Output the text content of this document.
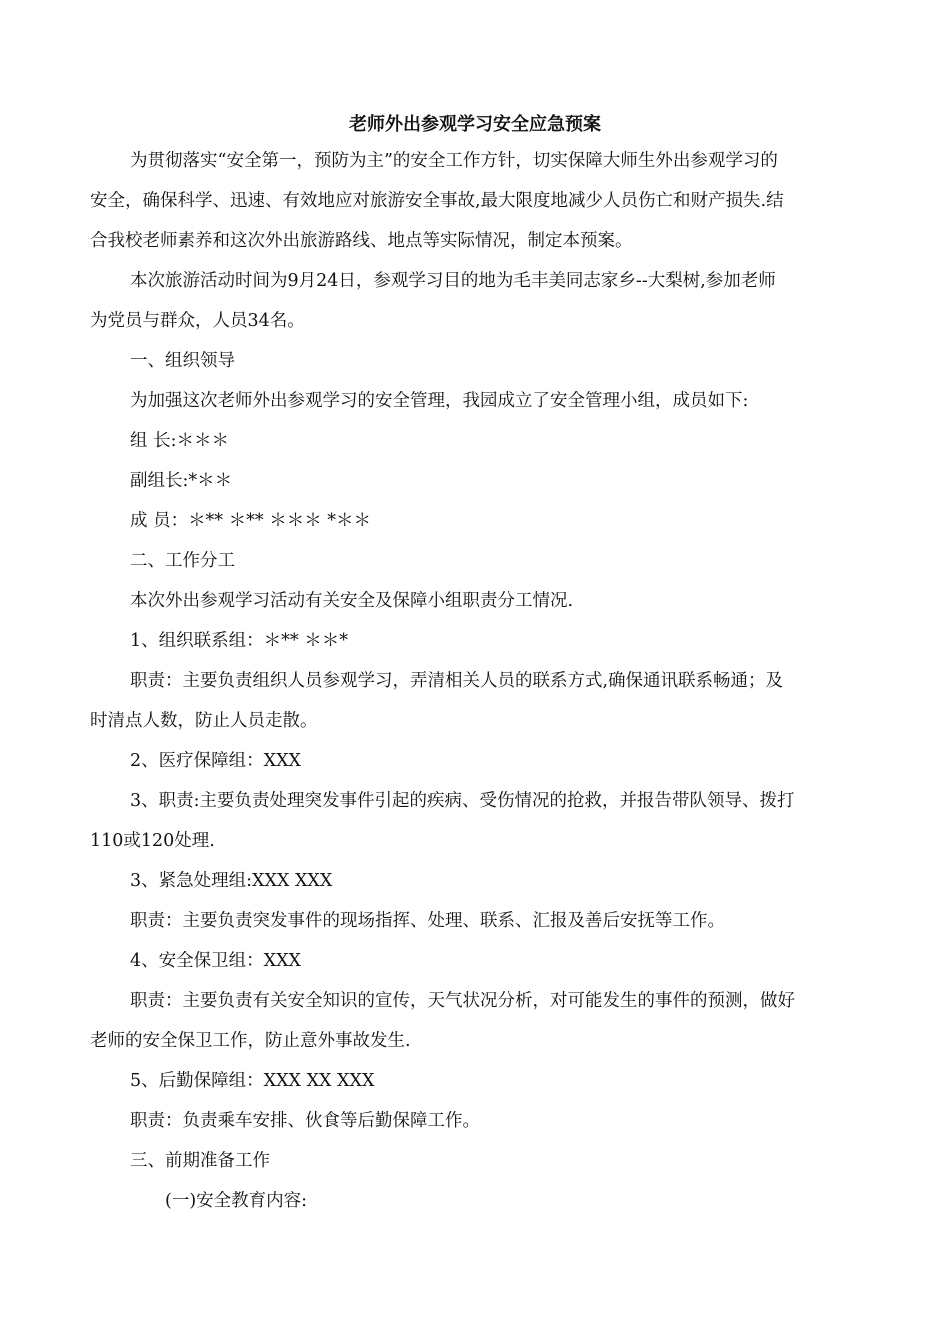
老师外出参观学习安全应急预案
为贯彻落实“安全第一，预防为主”的安全工作方针，切实保障大师生外出参观学习的
安全，确保科学、迅速、有效地应对旅游安全事故,最大限度地减少人员伤亡和财产损失.结
合我校老师素养和这次外出旅游路线、地点等实际情况，制定本预案。
本次旅游活动时间为9月24日，参观学习目的地为毛丰美同志家乡--大梨树,参加老师
为党员与群众，人员34名。
一、组织领导
为加强这次老师外出参观学习的安全管理，我园成立了安全管理小组，成员如下:
组 长:＊＊＊
副组长:*＊＊
成 员：＊** ＊** ＊＊＊ *＊＊
二、工作分工
本次外出参观学习活动有关安全及保障小组职责分工情况.
1、组织联系组：＊** ＊＊*
职责：主要负责组织人员参观学习，弄清相关人员的联系方式,确保通讯联系畅通；及
时清点人数，防止人员走散。
2、医疗保障组：XXX
3、职责:主要负责处理突发事件引起的疾病、受伤情况的抢救，并报告带队领导、拨打
110或120处理.
3、紧急处理组:XXX XXX
职责：主要负责突发事件的现场指挥、处理、联系、汇报及善后安抚等工作。
4、安全保卫组：XXX
职责：主要负责有关安全知识的宣传，天气状况分析，对可能发生的事件的预测，做好
老师的安全保卫工作，防止意外事故发生.
5、后勤保障组：XXX XX XXX
职责：负责乘车安排、伙食等后勤保障工作。
三、前期准备工作
(一)安全教育内容:
